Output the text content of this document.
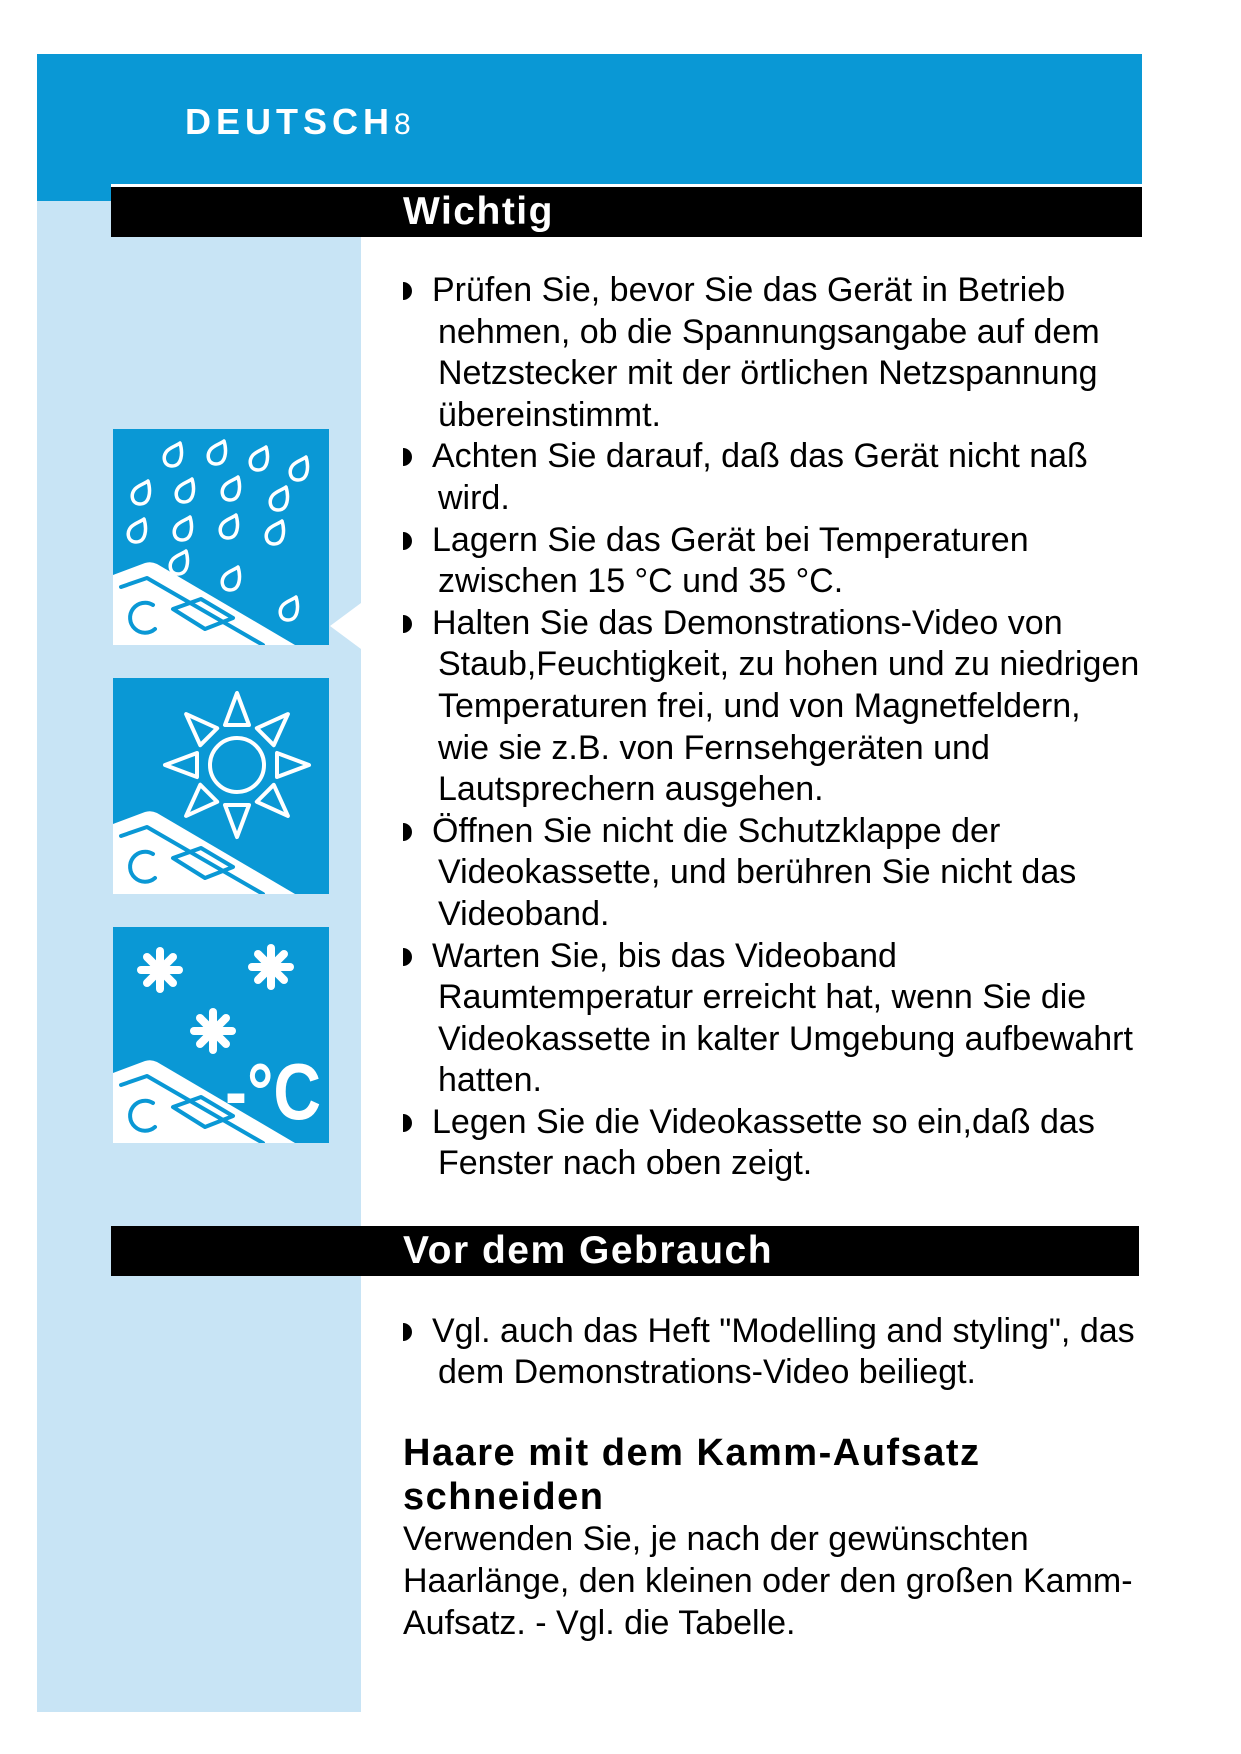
DEUTSCH8
Wichtig
-°C
Prüfen Sie, bevor Sie das Gerät in Betrieb
nehmen, ob die Spannungsangabe auf dem
Netzstecker mit der örtlichen Netzspannung
übereinstimmt.
Achten Sie darauf, daß das Gerät nicht naß
wird.
Lagern Sie das Gerät bei Temperaturen
zwischen 15 °C und 35 °C.
Halten Sie das Demonstrations-Video von
Staub,Feuchtigkeit, zu hohen und zu niedrigen
Temperaturen frei, und von Magnetfeldern,
wie sie z.B. von Fernsehgeräten und
Lautsprechern ausgehen.
Öffnen Sie nicht die Schutzklappe der
Videokassette, und berühren Sie nicht das
Videoband.
Warten Sie, bis das Videoband
Raumtemperatur erreicht hat, wenn Sie die
Videokassette in kalter Umgebung aufbewahrt
hatten.
Legen Sie die Videokassette so ein,daß das
Fenster nach oben zeigt.
Vor dem Gebrauch
Vgl. auch das Heft "Modelling and styling", das
dem Demonstrations-Video beiliegt.
Haare mit dem Kamm-Aufsatz
schneiden
Verwenden Sie, je nach der gewünschten
Haarlänge, den kleinen oder den großen Kamm-
Aufsatz. - Vgl. die Tabelle.
